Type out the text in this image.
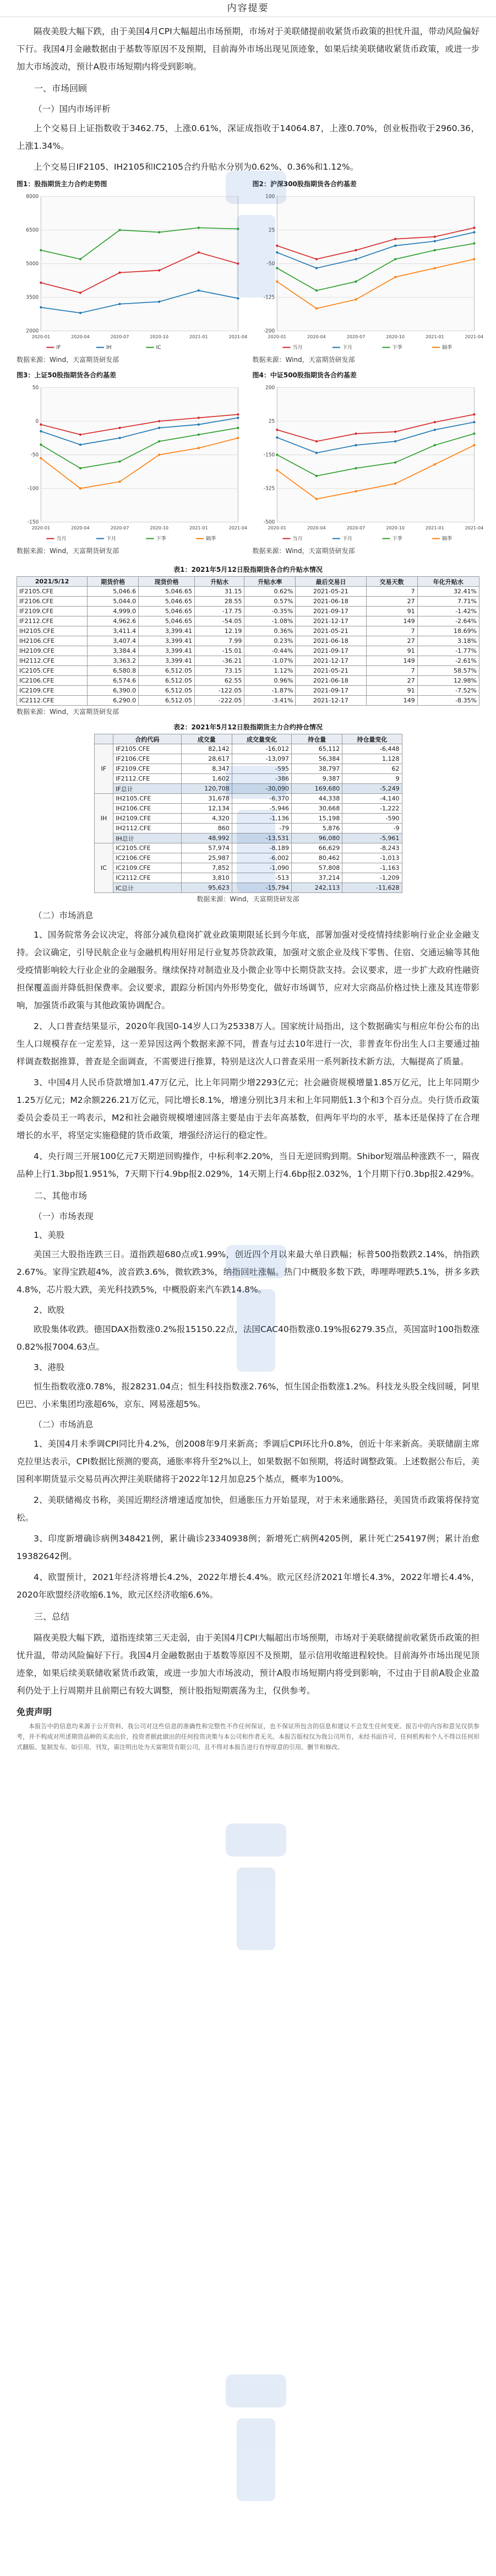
内容提要

隔夜美股大幅下跌，由于美国4月CPI大幅超出市场预期，市场对于美联储提前收紧货币政策的担忧升温，带动风险偏好下行。我国4月金融数据由于基数等原因不及预期，目前海外市场出现见顶迹象，如果后续美联储收紧货币政策，或进一步加大市场波动，预计A股市场短期内将受到影响。

一、市场回顾
（一）国内市场评析

上个交易日上证指数收于3462.75，上涨0.61%，深证成指收于14064.87，上涨0.70%，创业板指收于2960.36，上涨1.34%。

上个交易日IF2105、IH2105和IC2105合约升贴水分别为0.62%、0.36%和1.12%。

图1：股指期货主力合约走势图
2000
3500
5000
6500
8000
2020-01	2020-04	2020-07	2020-10	2021-01	2021-04
IF	IH	IC
数据来源：Wind，天富期货研发部
图2：沪深300股指期货各合约基差
-200
-125
-50
25
100
2020-01	2020-04	2020-07	2020-10	2021-01	2021-04
当月	下月	下季	隔季
数据来源：Wind，天富期货研发部
图3：上证50股指期货各合约基差
-150
-100
-50
0
50
2020-01	2020-04	2020-07	2020-10	2021-01	2021-04
当月	下月	下季	隔季
数据来源：Wind，天富期货研发部
图4：中证500股指期货各合约基差
-500
-325
-150
25
200
2020-01	2020-04	2020-07	2020-10	2021-01	2021-04
当月	下月	下季	隔季
数据来源：Wind，天富期货研发部
表1：2021年5月12日股指期货各合约升贴水情况
2021/5/12	期货价格	现货价格	升贴水	升贴水率	最后交易日	交易天数	年化升贴水
IF2105.CFE	5,046.6	5,046.65	31.15	0.62%	2021-05-21	7	32.41%
IF2106.CFE	5,044.0	5,046.65	28.55	0.57%	2021-06-18	27	7.71%
IF2109.CFE	4,999.0	5,046.65	-17.75	-0.35%	2021-09-17	91	-1.42%
IF2112.CFE	4,962.6	5,046.65	-54.05	-1.08%	2021-12-17	149	-2.64%
IH2105.CFE	3,411.4	3,399.41	12.19	0.36%	2021-05-21	7	18.69%
IH2106.CFE	3,407.4	3,399.41	7.99	0.23%	2021-06-18	27	3.18%
IH2109.CFE	3,384.4	3,399.41	-15.01	-0.44%	2021-09-17	91	-1.77%
IH2112.CFE	3,363.2	3,399.41	-36.21	-1.07%	2021-12-17	149	-2.61%
IC2105.CFE	6,580.8	6,512.05	73.15	1.12%	2021-05-21	7	58.57%
IC2106.CFE	6,574.6	6,512.05	62.55	0.96%	2021-06-18	27	12.98%
IC2109.CFE	6,390.0	6,512.05	-122.05	-1.87%	2021-09-17	91	-7.52%
IC2112.CFE	6,290.0	6,512.05	-222.05	-3.41%	2021-12-17	149	-8.35%
数据来源：Wind，天富期货研发部
表2：2021年5月12日股指期货主力合约持仓情况
	合约代码	成交量	成交量变化	持仓量	持仓量变化
IF	IF2105.CFE	82,142	-16,012	65,112	-6,448
	IF2106.CFE	28,617	-13,097	56,384	1,128
	IF2109.CFE	8,347	-595	38,797	62
	IF2112.CFE	1,602	-386	9,387	9
	IF总计	120,708	-30,090	169,680	-5,249
IH	IH2105.CFE	31,678	-6,370	44,338	-4,140
	IH2106.CFE	12,134	-5,946	30,668	-1,222
	IH2109.CFE	4,320	-1,136	15,198	-590
	IH2112.CFE	860	-79	5,876	-9
	IH总计	48,992	-13,531	96,080	-5,961
IC	IC2105.CFE	57,974	-8,189	66,629	-8,243
	IC2106.CFE	25,987	-6,002	80,462	-1,013
	IC2109.CFE	7,852	-1,090	57,808	-1,163
	IC2112.CFE	3,810	-513	37,214	-1,209
	IC总计	95,623	-15,794	242,113	-11,628
数据来源：Wind，天富期货研发部
（二）市场消息

1、国务院常务会议决定，将部分减负稳岗扩就业政策期限延长到今年底，部署加强对受疫情持续影响行业企业金融支持。会议确定，引导民航企业与金融机构用好用足行业复苏贷款政策，加强对文旅企业及线下零售、住宿、交通运输等其他受疫情影响较大行业企业的金融服务。继续保持对制造业及小微企业等中长期贷款支持。会议要求，进一步扩大政府性融资担保覆盖面并降低担保费率。会议要求，跟踪分析国内外形势变化，做好市场调节，应对大宗商品价格过快上涨及其连带影响，加强货币政策与其他政策协调配合。

2、人口普查结果显示，2020年我国0-14岁人口为25338万人。国家统计局指出，这个数据确实与相应年份公布的出生人口规模存在一定差异，这一差异因这两个数据来源不同，普查与过去10年进行一次，非普查年份出生人口主要通过抽样调查数据推算，普查是全面调查，不需要进行推算，特别是这次人口普查采用一系列新技术新方法，大幅提高了质量。

3、中国4月人民币贷款增加1.47万亿元，比上年同期少增2293亿元；社会融资规模增量1.85万亿元，比上年同期少1.25万亿元；M2余额226.21万亿元，同比增长8.1%，增速分别比3月末和上年同期低1.3个和3个百分点。央行货币政策委员会委员王一鸣表示，M2和社会融资规模增速回落主要是由于去年高基数，但两年平均的水平，基本还是保持了在合理增长的水平，将坚定实施稳健的货币政策，增强经济运行的稳定性。

4、央行周三开展100亿元7天期逆回购操作，中标利率2.20%，当日无逆回购到期。Shibor短端品种涨跌不一，隔夜品种上行1.3bp报1.951%，7天期下行4.9bp报2.029%，14天期上行4.6bp报2.032%，1个月期下行0.3bp报2.429%。

二、其他市场
（一）市场表现
1、美股

美国三大股指连跌三日。道指跌超680点或1.99%，创近四个月以来最大单日跌幅；标普500指数跌2.14%，纳指跌2.67%。家得宝跌超4%，波音跌3.6%，微软跌3%，纳指回吐涨幅。热门中概股多数下跌，哔哩哔哩跌5.1%，拼多多跌4.8%，芯片股大跌，美光科技跌5%，中概股蔚来汽车跌14.8%。

2、欧股

欧股集体收跌。德国DAX指数涨0.2%报15150.22点，法国CAC40指数涨0.19%报6279.35点，英国富时100指数涨0.82%报7004.63点。

3、港股

恒生指数收涨0.78%，报28231.04点；恒生科技指数涨2.76%，恒生国企指数涨1.2%。科技龙头股全线回暖，阿里巴巴、小米集团均涨超6%，京东、网易涨超5%。

（二）市场消息

1、美国4月未季调CPI同比升4.2%，创2008年9月来新高；季调后CPI环比升0.8%，创近十年来新高。美联储副主席克拉里达表示，CPI数据比预测的要高，通胀率将升至2%以上，如果数据不如预期，将适时调整政策。上述数据公布后，美国利率期货显示交易员再次押注美联储将于2022年12月加息25个基点，概率为100%。

2、美联储褐皮书称，美国近期经济增速适度加快，但通胀压力开始显现，对于未来通胀路径，美国货币政策将保持宽松。

3、印度新增确诊病例348421例，累计确诊23340938例；新增死亡病例4205例，累计死亡254197例；累计治愈19382642例。

4、欧盟预计，2021年经济将增长4.2%，2022年增长4.4%。欧元区经济2021年增长4.3%，2022年增长4.4%，2020年欧盟经济收缩6.1%，欧元区经济收缩6.6%。

三、总结

隔夜美股大幅下跌，道指连续第三天走弱，由于美国4月CPI大幅超出市场预期，市场对于美联储提前收紧货币政策的担忧升温，带动风险偏好下行。我国4月金融数据由于基数等原因不及预期，显示信用收缩进程较快。目前海外市场出现见顶迹象，如果后续美联储收紧货币政策，或进一步加大市场波动，预计A股市场短期内将受到影响，不过由于目前A股企业盈利仍处于上行周期并且前期已有较大调整，预计股指短期震荡为主，仅供参考。

免责声明
本报告中的信息均来源于公开资料，我公司对这些信息的准确性和完整性不作任何保证，也不保证所包含的信息和建议不会发生任何变更。报告中的内容和意见仅供参考，并不构成对所述期货品种的买卖出价，投资者据此做出的任何投资决策与本公司和作者无关。本报告版权仅为我公司所有，未经书面许可，任何机构和个人不得以任何形式翻版、复制发布。如引用、刊发，需注明出处为天富期货有限公司，且不得对本报告进行有悖原意的引用、删节和修改。
